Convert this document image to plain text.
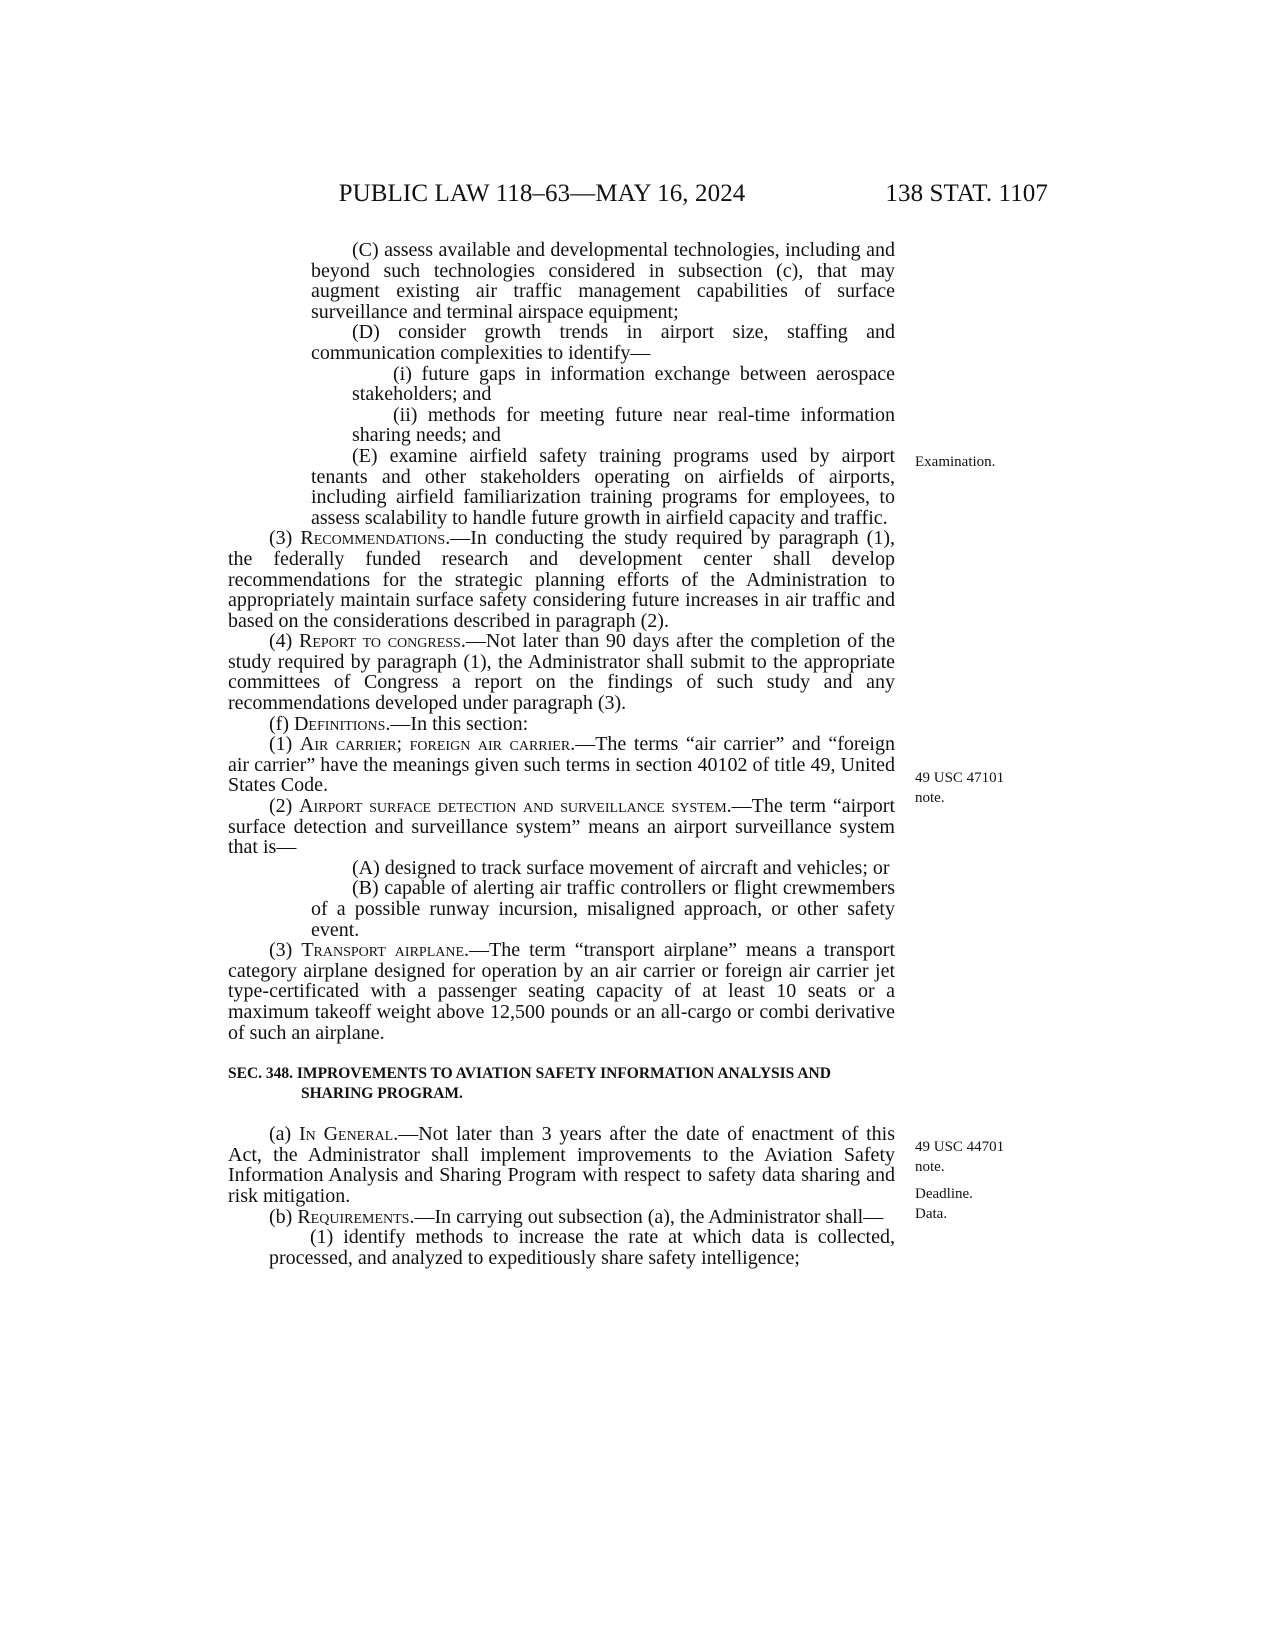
PUBLIC LAW 118–63—MAY 16, 2024	138 STAT. 1107

(C) assess available and developmental technologies, including and beyond such technologies considered in subsection (c), that may augment existing air traffic management capabilities of surface surveillance and terminal airspace equipment;

(D) consider growth trends in airport size, staffing and communication complexities to identify—

(i) future gaps in information exchange between aerospace stakeholders; and

(ii) methods for meeting future near real-time information sharing needs; and

(E) examine airfield safety training programs used by airport tenants and other stakeholders operating on airfields of airports, including airfield familiarization training programs for employees, to assess scalability to handle future growth in airfield capacity and traffic.

(3) Recommendations.—In conducting the study required by paragraph (1), the federally funded research and development center shall develop recommendations for the strategic planning efforts of the Administration to appropriately maintain surface safety considering future increases in air traffic and based on the considerations described in paragraph (2).

(4) Report to congress.—Not later than 90 days after the completion of the study required by paragraph (1), the Administrator shall submit to the appropriate committees of Congress a report on the findings of such study and any recommendations developed under paragraph (3).

(f) Definitions.—In this section:

(1) Air carrier; foreign air carrier.—The terms “air carrier” and “foreign air carrier” have the meanings given such terms in section 40102 of title 49, United States Code.

(2) Airport surface detection and surveillance system.—The term “airport surface detection and surveillance system” means an airport surveillance system that is—

(A) designed to track surface movement of aircraft and vehicles; or

(B) capable of alerting air traffic controllers or flight crewmembers of a possible runway incursion, misaligned approach, or other safety event.

(3) Transport airplane.—The term “transport airplane” means a transport category airplane designed for operation by an air carrier or foreign air carrier jet type-certificated with a passenger seating capacity of at least 10 seats or a maximum takeoff weight above 12,500 pounds or an all-cargo or combi derivative of such an airplane.

SEC. 348. IMPROVEMENTS TO AVIATION SAFETY INFORMATION ANALYSIS AND SHARING PROGRAM.

(a) In General.—Not later than 3 years after the date of enactment of this Act, the Administrator shall implement improvements to the Aviation Safety Information Analysis and Sharing Program with respect to safety data sharing and risk mitigation.

(b) Requirements.—In carrying out subsection (a), the Administrator shall—

(1) identify methods to increase the rate at which data is collected, processed, and analyzed to expeditiously share safety intelligence;

Examination.
49 USC 47101
note.
49 USC 44701
note.
Deadline.
Data.
